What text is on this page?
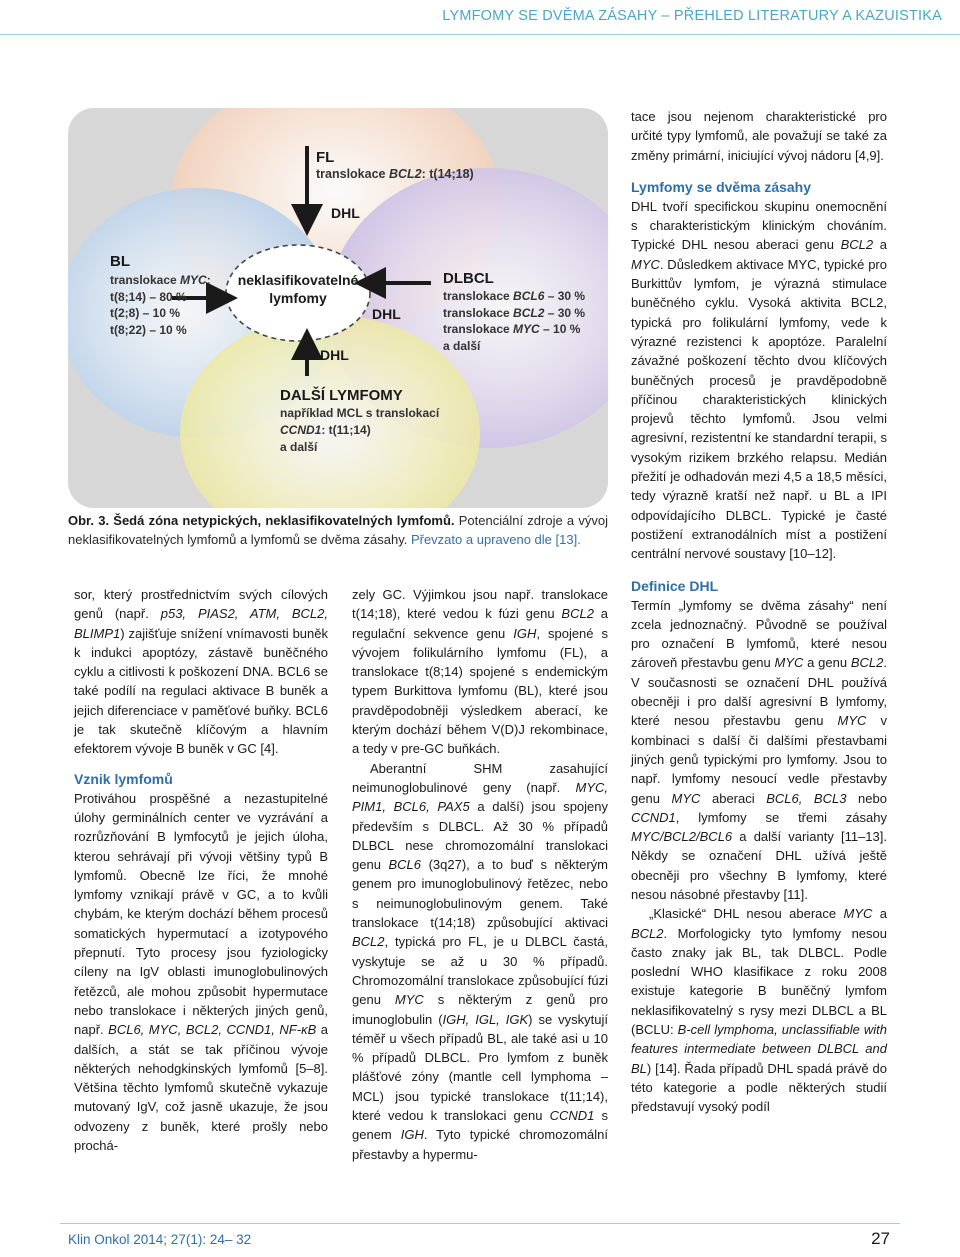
LYMFOMY SE DVĚMA ZÁSAHY – PŘEHLED LITERATURY A KAZUISTIKA
FL
translokace BCL2: t(14;18)
DHL
BL
translokace MYC:
t(8;14) – 80 %
t(2;8) – 10 %
t(8;22) – 10 %
neklasifikovatelné
lymfomy
DLBCL
translokace BCL6 – 30 %
translokace BCL2 – 30 %
translokace MYC – 10 %
a další
DHL
DHL
DALŠÍ LYMFOMY
například MCL s translokací
CCND1: t(11;14)
a další
Obr. 3. Šedá zóna netypických, neklasifikovatelných lymfomů. Potenciální zdroje a vývoj neklasifikovatelných lymfomů a lymfomů se dvěma zásahy. Převzato a upraveno dle [13].

sor, který prostřednictvím svých cílových genů (např. p53, PIAS2, ATM, BCL2, BLIMP1) zajišťuje snížení vnímavosti buněk k indukci apoptózy, zástavě buněčného cyklu a citlivosti k poškození DNA. BCL6 se také podílí na regulaci aktivace B buněk a jejich diferenciace v paměťové buňky. BCL6 je tak skutečně klíčovým a hlavním efektorem vývoje B buněk v GC [4].

Vznik lymfomů

Protiváhou prospěšné a nezastupitelné úlohy germinálních center ve vyzrávání a rozrůzňování B lymfocytů je jejich úloha, kterou sehrávají při vývoji většiny typů B lymfomů. Obecně lze říci, že mnohé lymfomy vznikají právě v GC, a to kvůli chybám, ke kterým dochází během procesů somatických hypermutací a izotypového přepnutí. Tyto procesy jsou fyziologicky cíleny na IgV oblasti imunoglobulinových řetězců, ale mohou způsobit hypermutace nebo translokace i některých jiných genů, např. BCL6, MYC, BCL2, CCND1, NF-κB a dalších, a stát se tak příčinou vývoje některých nehodgkinských lymfomů [5–8]. Většina těchto lymfomů skutečně vykazuje mutovaný IgV, což jasně ukazuje, že jsou odvozeny z buněk, které prošly nebo prochá-

zely GC. Výjimkou jsou např. translokace t(14;18), které vedou k fúzi genu BCL2 a regulační sekvence genu IGH, spojené s vývojem folikulárního lymfomu (FL), a translokace t(8;14) spojené s endemickým typem Burkittova lymfomu (BL), které jsou pravděpodobněji výsledkem aberací, ke kterým dochází během V(D)J rekombinace, a tedy v pre-GC buňkách.

Aberantní SHM zasahující neimunoglobulinové geny (např. MYC, PIM1, BCL6, PAX5 a další) jsou spojeny především s DLBCL. Až 30 % případů DLBCL nese chromozomální translokaci genu BCL6 (3q27), a to buď s některým genem pro imunoglobulinový řetězec, nebo s neimunoglobulinovým genem. Také translokace t(14;18) způsobující aktivaci BCL2, typická pro FL, je u DLBCL častá, vyskytuje se až u 30 % případů. Chromozomální translokace způsobující fúzi genu MYC s některým z genů pro imunoglobulin (IGH, IGL, IGK) se vyskytují téměř u všech případů BL, ale také asi u 10 % případů DLBCL. Pro lymfom z buněk plášťové zóny (mantle cell lymphoma – MCL) jsou typické translokace t(11;14), které vedou k translokaci genu CCND1 s genem IGH. Tyto typické chromozomální přestavby a hypermu-

tace jsou nejenom charakteristické pro určité typy lymfomů, ale považují se také za změny primární, iniciující vývoj nádoru [4,9].

Lymfomy se dvěma zásahy

DHL tvoří specifickou skupinu onemocnění s charakteristickým klinickým chováním. Typické DHL nesou aberaci genu BCL2 a MYC. Důsledkem aktivace MYC, typické pro Burkittův lymfom, je výrazná stimulace buněčného cyklu. Vysoká aktivita BCL2, typická pro folikulární lymfomy, vede k výrazné rezistenci k apoptóze. Paralelní závažné poškození těchto dvou klíčových buněčných procesů je pravděpodobně příčinou charakteristických klinických projevů těchto lymfomů. Jsou velmi agresivní, rezistentní ke standardní terapii, s vysokým rizikem brzkého relapsu. Medián přežití je odhadován mezi 4,5 a 18,5 měsíci, tedy výrazně kratší než např. u BL a IPI odpovídajícího DLBCL. Typické je časté postižení extranodálních míst a postižení centrální nervové soustavy [10–12].

Definice DHL

Termín „lymfomy se dvěma zásahy“ není zcela jednoznačný. Původně se používal pro označení B lymfomů, které nesou zároveň přestavbu genu MYC a genu BCL2. V současnosti se označení DHL používá obecněji i pro další agresivní B lymfomy, které nesou přestavbu genu MYC v kombinaci s další či dalšími přestavbami jiných genů typickými pro lymfomy. Jsou to např. lymfomy nesoucí vedle přestavby genu MYC aberaci BCL6, BCL3 nebo CCND1, lymfomy se třemi zásahy MYC/BCL2/BCL6 a další varianty [11–13]. Někdy se označení DHL užívá ještě obecněji pro všechny B lymfomy, které nesou násobné přestavby [11].

„Klasické“ DHL nesou aberace MYC a BCL2. Morfologicky tyto lymfomy nesou často znaky jak BL, tak DLBCL. Podle poslední WHO klasifikace z roku 2008 existuje kategorie B buněčný lymfom neklasifikovatelný s rysy mezi DLBCL a BL (BCLU: B-cell lymphoma, unclassifiable with features intermediate between DLBCL and BL) [14]. Řada případů DHL spadá právě do této kategorie a podle některých studií představují vysoký podíl

Klin Onkol 2014; 27(1): 24– 32	27
